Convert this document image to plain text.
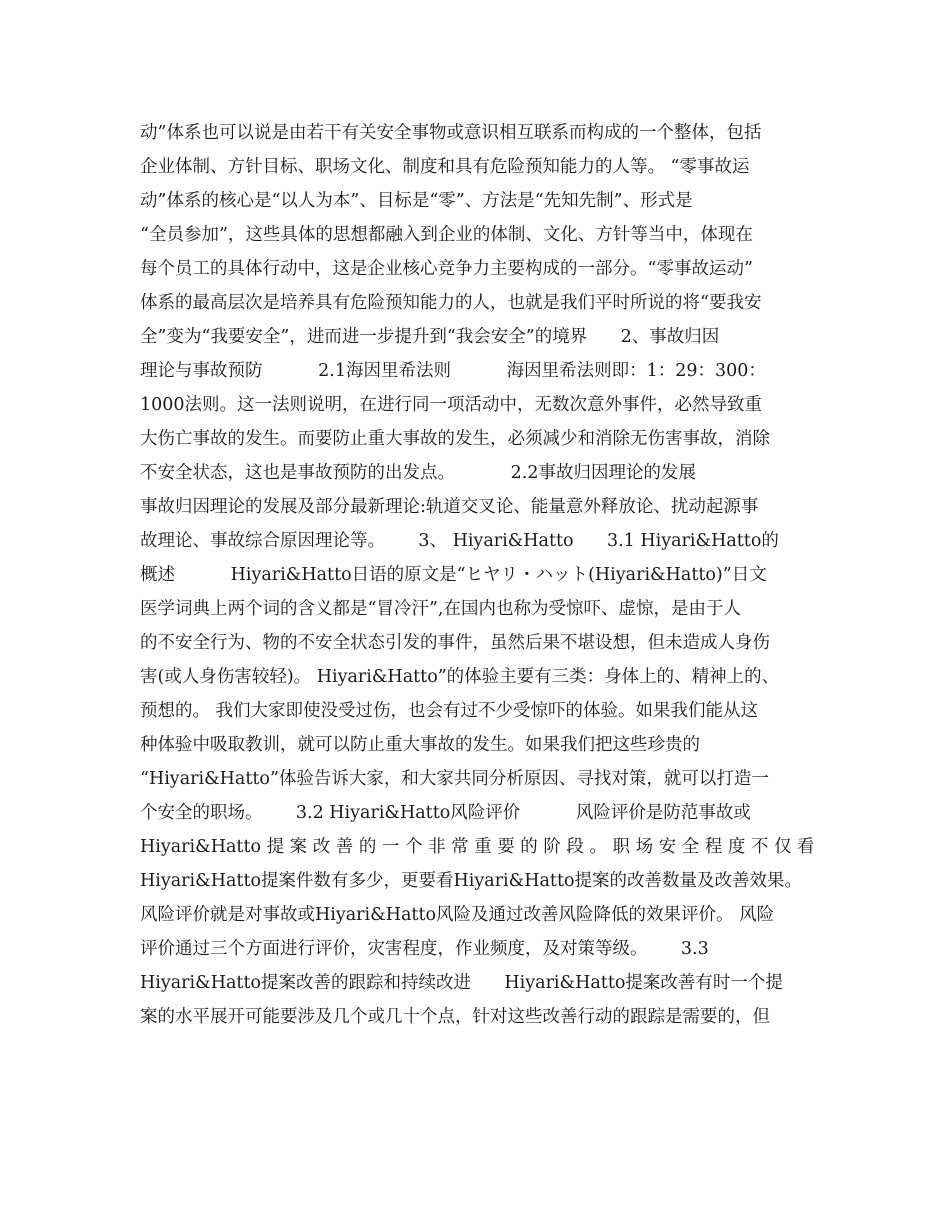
动”体系也可以说是由若干有关安全事物或意识相互联系而构成的一个整体，包括
企业体制、方针目标、职场文化、制度和具有危险预知能力的人等。 “零事故运
动”体系的核心是“以人为本”、目标是“零”、方法是“先知先制”、形式是
“全员参加”，这些具体的思想都融入到企业的体制、文化、方针等当中，体现在
每个员工的具体行动中，这是企业核心竞争力主要构成的一部分。“零事故运动”
体系的最高层次是培养具有危险预知能力的人，也就是我们平时所说的将“要我安
全”变为“我要安全”，进而进一步提升到“我会安全”的境界      2、事故归因
理论与事故预防          2.1海因里希法则          海因里希法则即：1：29：300：
1000法则。这一法则说明，在进行同一项活动中，无数次意外事件，必然导致重
大伤亡事故的发生。而要防止重大事故的发生，必须减少和消除无伤害事故，消除
不安全状态，这也是事故预防的出发点。          2.2事故归因理论的发展
事故归因理论的发展及部分最新理论:轨道交叉论、能量意外释放论、扰动起源事
故理论、事故综合原因理论等。      3、 Hiyari&Hatto      3.1 Hiyari&Hatto的
概述          Hiyari&Hatto日语的原文是“ヒヤリ・ハット(Hiyari&Hatto)”日文
医学词典上两个词的含义都是“冒冷汗”,在国内也称为受惊吓、虚惊，是由于人
的不安全行为、物的不安全状态引发的事件，虽然后果不堪设想，但未造成人身伤
害(或人身伤害较轻)。 Hiyari&Hatto”的体验主要有三类：身体上的、精神上的、
预想的。 我们大家即使没受过伤，也会有过不少受惊吓的体验。如果我们能从这
种体验中吸取教训，就可以防止重大事故的发生。如果我们把这些珍贵的
“Hiyari&Hatto”体验告诉大家，和大家共同分析原因、寻找对策，就可以打造一
个安全的职场。      3.2 Hiyari&Hatto风险评价          风险评价是防范事故或
Hiyari&Hatto 提 案 改 善 的 一 个 非 常 重 要 的 阶 段 。 职 场 安 全 程 度 不 仅 看
Hiyari&Hatto提案件数有多少，更要看Hiyari&Hatto提案的改善数量及改善效果。
风险评价就是对事故或Hiyari&Hatto风险及通过改善风险降低的效果评价。 风险
评价通过三个方面进行评价，灾害程度，作业频度，及对策等级。      3.3
Hiyari&Hatto提案改善的跟踪和持续改进      Hiyari&Hatto提案改善有时一个提
案的水平展开可能要涉及几个或几十个点，针对这些改善行动的跟踪是需要的，但
